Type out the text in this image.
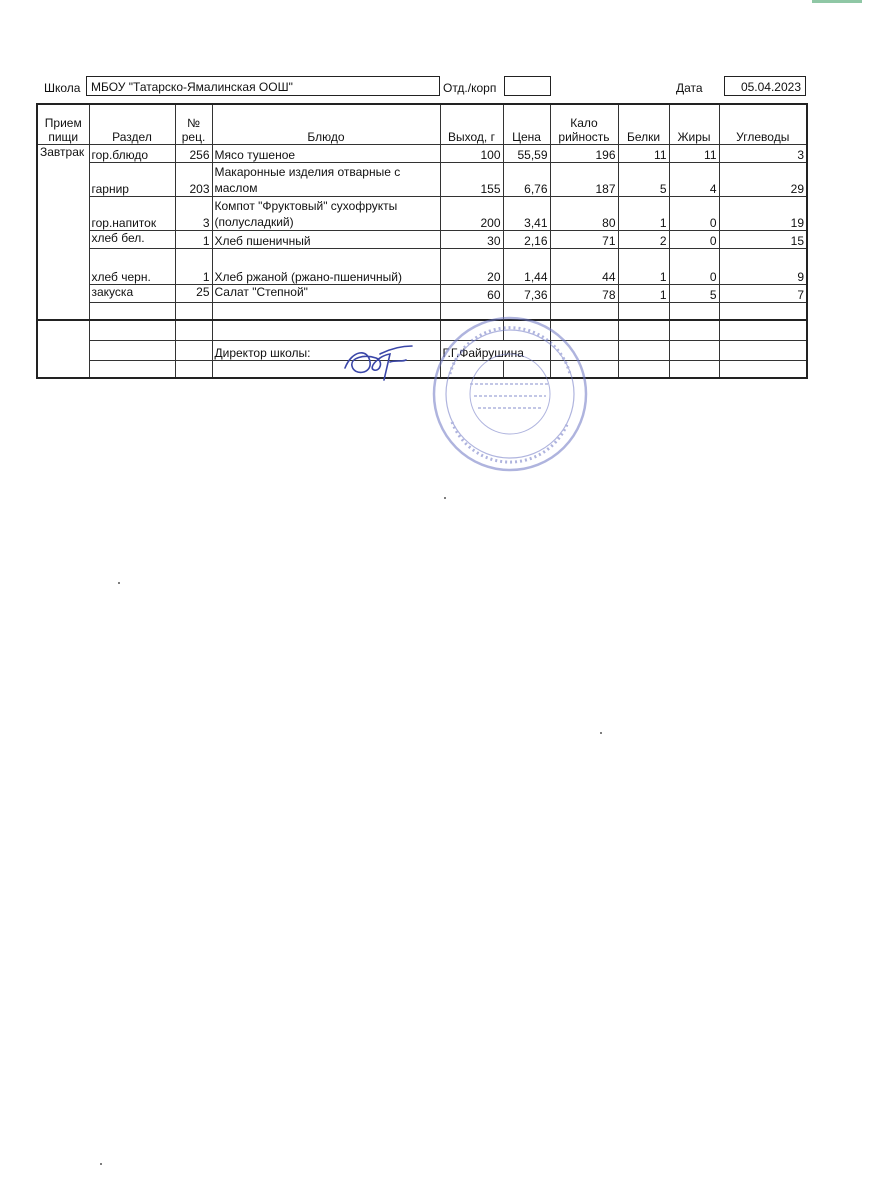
Школа МБОУ "Татарско-Ямалинская ООШ"	Отд./корп	Дата	05.04.2023
Прием пищи	Раздел	№ рец.	Блюдо	Выход, г	Цена	Кало рийность	Белки	Жиры	Углеводы
Завтрак	гор.блюдо	256	Мясо тушеное	100	55,59	196	11	11	3
	гарнир	203	Макаронные изделия отварные с маслом	155	6,76	187	5	4	29
	гор.напиток	3	Компот "Фруктовый" сухофрукты (полусладкий)	200	3,41	80	1	0	19
	хлеб бел.	1	Хлеб пшеничный	30	2,16	71	2	0	15
	хлеб черн.	1	Хлеб ржаной (ржано-пшеничный)	20	1,44	44	1	0	9
	закуска	25	Салат "Степной"	60	7,36	78	1	5	7

			Директор школы:	Г.Г.Файрушина					
